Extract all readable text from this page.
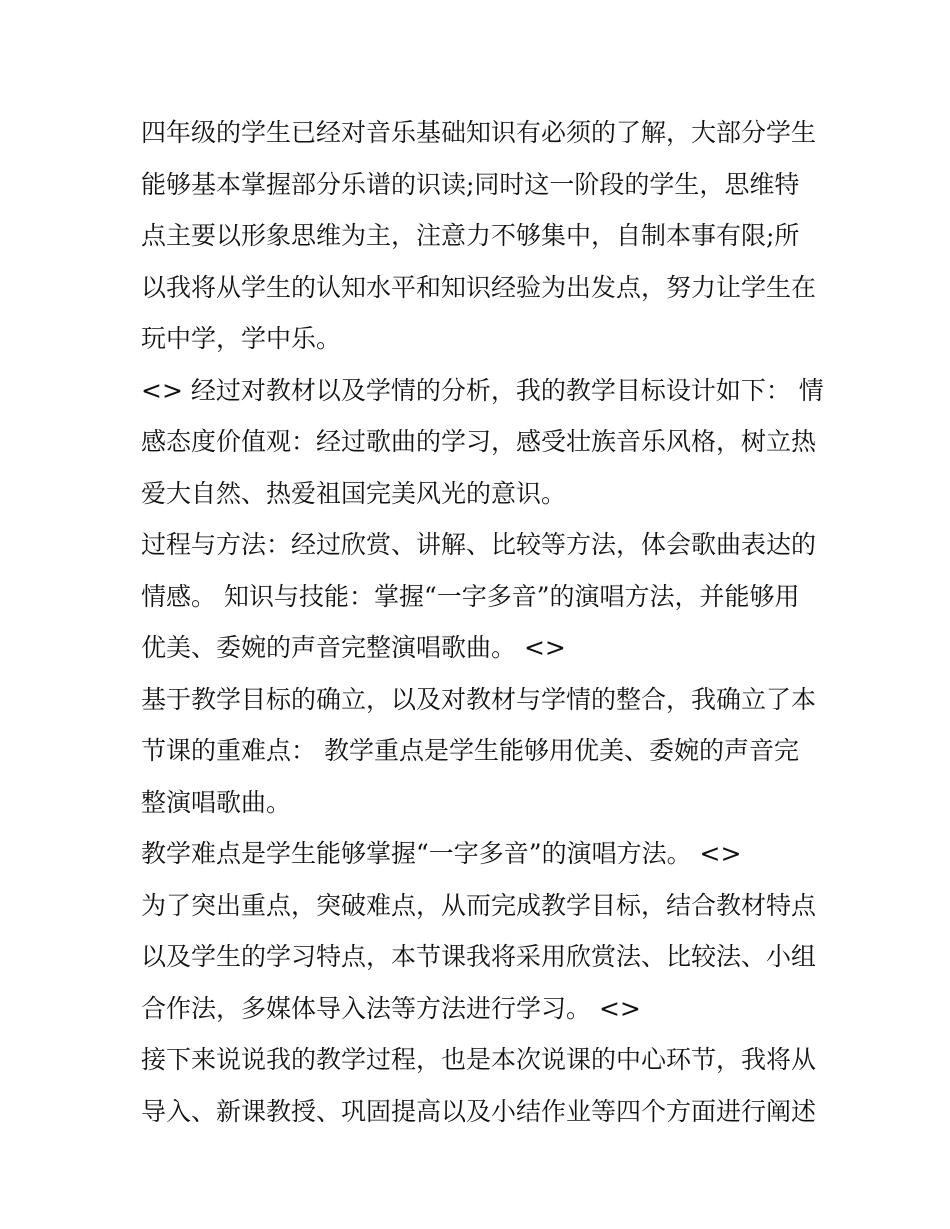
四年级的学生已经对音乐基础知识有必须的了解，大部分学生
能够基本掌握部分乐谱的识读;同时这一阶段的学生，思维特
点主要以形象思维为主，注意力不够集中，自制本事有限;所
以我将从学生的认知水平和知识经验为出发点，努力让学生在
玩中学，学中乐。
<> 经过对教材以及学情的分析，我的教学目标设计如下： 情
感态度价值观：经过歌曲的学习，感受壮族音乐风格，树立热
爱大自然、热爱祖国完美风光的意识。
过程与方法：经过欣赏、讲解、比较等方法，体会歌曲表达的
情感。 知识与技能：掌握“一字多音”的演唱方法，并能够用
优美、委婉的声音完整演唱歌曲。 <>
基于教学目标的确立，以及对教材与学情的整合，我确立了本
节课的重难点： 教学重点是学生能够用优美、委婉的声音完
整演唱歌曲。
教学难点是学生能够掌握“一字多音”的演唱方法。 <>
为了突出重点，突破难点，从而完成教学目标，结合教材特点
以及学生的学习特点，本节课我将采用欣赏法、比较法、小组
合作法，多媒体导入法等方法进行学习。 <>
接下来说说我的教学过程，也是本次说课的中心环节，我将从
导入、新课教授、巩固提高以及小结作业等四个方面进行阐述
